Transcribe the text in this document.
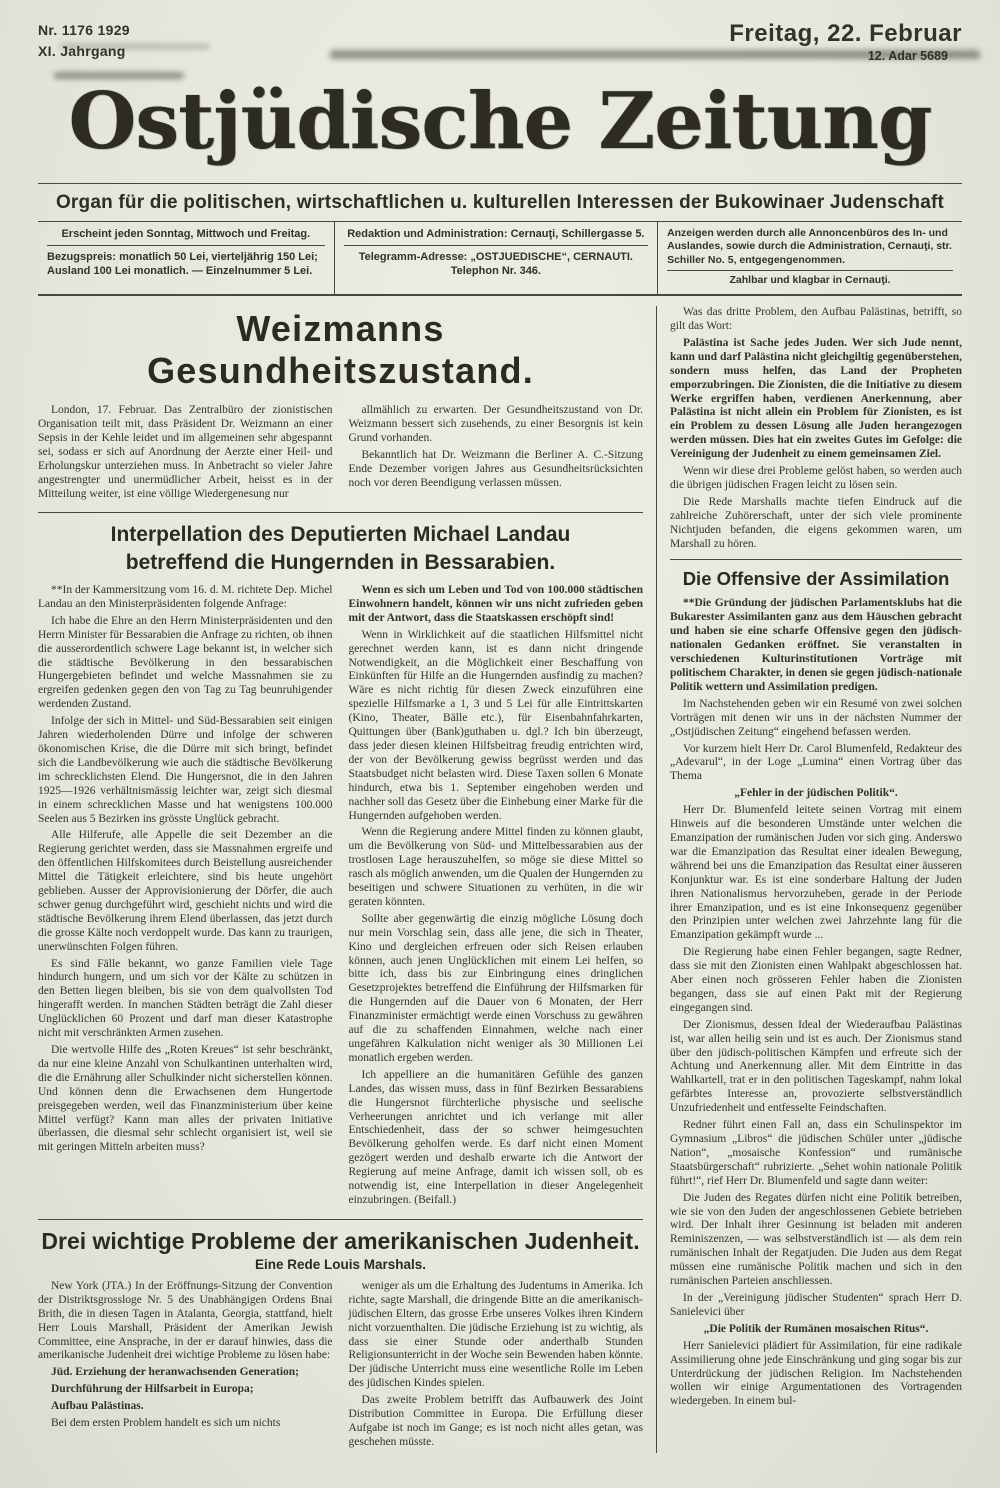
Nr. 1176 1929
XI. Jahrgang
Freitag, 22. Februar
12. Adar 5689
Ostjüdische Zeitung
Organ für die politischen, wirtschaftlichen u. kulturellen Interessen der Bukowinaer Judenschaft
Erscheint jeden Sonntag, Mittwoch und Freitag.
Bezugspreis: monatlich 50 Lei, vierteljährig 150 Lei; Ausland 100 Lei monatlich. — Einzelnummer 5 Lei.
Redaktion und Administration: Cernauţi, Schillergasse 5.
Telegramm-Adresse: „OSTJUEDISCHE“, CERNAUTI.
Telephon Nr. 346.
Anzeigen werden durch alle Annoncenbüros des In- und Auslandes, sowie durch die Administration, Cernauţi, str. Schiller No. 5, entgegengenommen.
Zahlbar und klagbar in Cernauţi.
Weizmanns Gesundheitszustand.

London, 17. Februar. Das Zentralbüro der zionistischen Organisation teilt mit, dass Präsident Dr. Weizmann an einer Sepsis in der Kehle leidet und im allgemeinen sehr abgespannt sei, sodass er sich auf Anordnung der Aerzte einer Heil- und Erholungskur unterziehen muss. In Anbetracht so vieler Jahre angestrengter und unermüdlicher Arbeit, heisst es in der Mitteilung weiter, ist eine völlige Wiedergenesung nur

allmählich zu erwarten. Der Gesundheitszustand von Dr. Weizmann bessert sich zusehends, zu einer Besorgnis ist kein Grund vorhanden.

Bekanntlich hat Dr. Weizmann die Berliner A. C.-Sitzung Ende Dezember vorigen Jahres aus Gesundheitsrücksichten noch vor deren Beendigung verlassen müssen.

Interpellation des Deputierten Michael Landau
betreffend die Hungernden in Bessarabien.

**In der Kammersitzung vom 16. d. M. richtete Dep. Michel Landau an den Ministerpräsidenten folgende Anfrage:

Ich habe die Ehre an den Herrn Ministerpräsidenten und den Herrn Minister für Bessarabien die Anfrage zu richten, ob ihnen die ausserordentlich schwere Lage bekannt ist, in welcher sich die städtische Bevölkerung in den bessarabischen Hungergebieten befindet und welche Massnahmen sie zu ergreifen gedenken gegen den von Tag zu Tag beunruhigender werdenden Zustand.

Infolge der sich in Mittel- und Süd-Bessarabien seit einigen Jahren wiederholenden Dürre und infolge der schweren ökonomischen Krise, die die Dürre mit sich bringt, befindet sich die Landbevölkerung wie auch die städtische Bevölkerung im schrecklichsten Elend. Die Hungersnot, die in den Jahren 1925—1926 verhältnismässig leichter war, zeigt sich diesmal in einem schrecklichen Masse und hat wenigstens 100.000 Seelen aus 5 Bezirken ins grösste Unglück gebracht.

Alle Hilferufe, alle Appelle die seit Dezember an die Regierung gerichtet werden, dass sie Massnahmen ergreife und den öffentlichen Hilfskomitees durch Beistellung ausreichender Mittel die Tätigkeit erleichtere, sind bis heute ungehört geblieben. Ausser der Approvisionierung der Dörfer, die auch schwer genug durchgeführt wird, geschieht nichts und wird die städtische Bevölkerung ihrem Elend überlassen, das jetzt durch die grosse Kälte noch verdoppelt wurde. Das kann zu traurigen, unerwünschten Folgen führen.

Es sind Fälle bekannt, wo ganze Familien viele Tage hindurch hungern, und um sich vor der Kälte zu schützen in den Betten liegen bleiben, bis sie von dem qualvollsten Tod hingerafft werden. In manchen Städten beträgt die Zahl dieser Unglücklichen 60 Prozent und darf man dieser Katastrophe nicht mit verschränkten Armen zusehen.

Die wertvolle Hilfe des „Roten Kreues“ ist sehr beschränkt, da nur eine kleine Anzahl von Schulkantinen unterhalten wird, die die Ernährung aller Schulkinder nicht sicherstellen können. Und können denn die Erwachsenen dem Hungertode preisgegeben werden, weil das Finanzministerium über keine Mittel verfügt? Kann man alles der privaten Initiative überlassen, die diesmal sehr schlecht organisiert ist, weil sie mit geringen Mitteln arbeiten muss?

Wenn es sich um Leben und Tod von 100.000 städtischen Einwohnern handelt, können wir uns nicht zufrieden geben mit der Antwort, dass die Staatskassen erschöpft sind!

Wenn in Wirklichkeit auf die staatlichen Hilfsmittel nicht gerechnet werden kann, ist es dann nicht dringende Notwendigkeit, an die Möglichkeit einer Beschaffung von Einkünften für Hilfe an die Hungernden ausfindig zu machen? Wäre es nicht richtig für diesen Zweck einzuführen eine spezielle Hilfsmarke a 1, 3 und 5 Lei für alle Eintrittskarten (Kino, Theater, Bälle etc.), für Eisenbahnfahrkarten, Quittungen über (Bank)guthaben u. dgl.? Ich bin überzeugt, dass jeder diesen kleinen Hilfsbeitrag freudig entrichten wird, der von der Bevölkerung gewiss begrüsst werden und das Staatsbudget nicht belasten wird. Diese Taxen sollen 6 Monate hindurch, etwa bis 1. September eingehoben werden und nachher soll das Gesetz über die Einhebung einer Marke für die Hungernden aufgehoben werden.

Wenn die Regierung andere Mittel finden zu können glaubt, um die Bevölkerung von Süd- und Mittelbessarabien aus der trostlosen Lage herauszuhelfen, so möge sie diese Mittel so rasch als möglich anwenden, um die Qualen der Hungernden zu beseitigen und schwere Situationen zu verhüten, in die wir geraten könnten.

Sollte aber gegenwärtig die einzig mögliche Lösung doch nur mein Vorschlag sein, dass alle jene, die sich in Theater, Kino und dergleichen erfreuen oder sich Reisen erlauben können, auch jenen Unglücklichen mit einem Lei helfen, so bitte ich, dass bis zur Einbringung eines dringlichen Gesetzprojektes betreffend die Einführung der Hilfsmarken für die Hungernden auf die Dauer von 6 Monaten, der Herr Finanzminister ermächtigt werde einen Vorschuss zu gewähren auf die zu schaffenden Einnahmen, welche nach einer ungefähren Kalkulation nicht weniger als 30 Millionen Lei monatlich ergeben werden.

Ich appelliere an die humanitären Gefühle des ganzen Landes, das wissen muss, dass in fünf Bezirken Bessarabiens die Hungersnot fürchterliche physische und seelische Verheerungen anrichtet und ich verlange mit aller Entschiedenheit, dass der so schwer heimgesuchten Bevölkerung geholfen werde. Es darf nicht einen Moment gezögert werden und deshalb erwarte ich die Antwort der Regierung auf meine Anfrage, damit ich wissen soll, ob es notwendig ist, eine Interpellation in dieser Angelegenheit einzubringen. (Beifall.)

Drei wichtige Probleme der amerikanischen Judenheit.
Eine Rede Louis Marshals.

New York (JTA.) In der Eröffnungs-Sitzung der Convention der Distriktsgrossloge Nr. 5 des Unabhängigen Ordens Bnai Brith, die in diesen Tagen in Atalanta, Georgia, stattfand, hielt Herr Louis Marshall, Präsident der Amerikan Jewish Committee, eine Ansprache, in der er darauf hinwies, dass die amerikanische Judenheit drei wichtige Probleme zu lösen habe:

Jüd. Erziehung der heranwachsenden Generation;

Durchführung der Hilfsarbeit in Europa;

Aufbau Palästinas.

Bei dem ersten Problem handelt es sich um nichts

weniger als um die Erhaltung des Judentums in Amerika. Ich richte, sagte Marshall, die dringende Bitte an die amerikanisch-jüdischen Eltern, das grosse Erbe unseres Volkes ihren Kindern nicht vorzuenthalten. Die jüdische Erziehung ist zu wichtig, als dass sie einer Stunde oder anderthalb Stunden Religionsunterricht in der Woche sein Bewenden haben könnte. Der jüdische Unterricht muss eine wesentliche Rolle im Leben des jüdischen Kindes spielen.

Das zweite Problem betrifft das Aufbauwerk des Joint Distribution Committee in Europa. Die Erfüllung dieser Aufgabe ist noch im Gange; es ist noch nicht alles getan, was geschehen müsste.

Was das dritte Problem, den Aufbau Palästinas, betrifft, so gilt das Wort:

Palästina ist Sache jedes Juden. Wer sich Jude nennt, kann und darf Palästina nicht gleichgiltig gegenüberstehen, sondern muss helfen, das Land der Propheten emporzubringen. Die Zionisten, die die Initiative zu diesem Werke ergriffen haben, verdienen Anerkennung, aber Palästina ist nicht allein ein Problem für Zionisten, es ist ein Problem zu dessen Lösung alle Juden herangezogen werden müssen. Dies hat ein zweites Gutes im Gefolge: die Vereinigung der Judenheit zu einem gemeinsamen Ziel.

Wenn wir diese drei Probleme gelöst haben, so werden auch die übrigen jüdischen Fragen leicht zu lösen sein.

Die Rede Marshalls machte tiefen Eindruck auf die zahlreiche Zuhörerschaft, unter der sich viele prominente Nichtjuden befanden, die eigens gekommen waren, um Marshall zu hören.

Die Offensive der Assimilation

**Die Gründung der jüdischen Parlamentsklubs hat die Bukarester Assimilanten ganz aus dem Häuschen gebracht und haben sie eine scharfe Offensive gegen den jüdisch-nationalen Gedanken eröffnet. Sie veranstalten in verschiedenen Kulturinstitutionen Vorträge mit politischem Charakter, in denen sie gegen jüdisch-nationale Politik wettern und Assimilation predigen.

Im Nachstehenden geben wir ein Resumé von zwei solchen Vorträgen mit denen wir uns in der nächsten Nummer der „Ostjüdischen Zeitung“ eingehend befassen werden.

Vor kurzem hielt Herr Dr. Carol Blumenfeld, Redakteur des „Adevarul“, in der Loge „Lumina“ einen Vortrag über das Thema

„Fehler in der jüdischen Politik“.

Herr Dr. Blumenfeld leitete seinen Vortrag mit einem Hinweis auf die besonderen Umstände unter welchen die Emanzipation der rumänischen Juden vor sich ging. Anderswo war die Emanzipation das Resultat einer idealen Bewegung, während bei uns die Emanzipation das Resultat einer äusseren Konjunktur war. Es ist eine sonderbare Haltung der Juden ihren Nationalismus hervorzuheben, gerade in der Periode ihrer Emanzipation, und es ist eine Inkonsequenz gegenüber den Prinzipien unter welchen zwei Jahrzehnte lang für die Emanzipation gekämpft wurde ...

Die Regierung habe einen Fehler begangen, sagte Redner, dass sie mit den Zionisten einen Wahlpakt abgeschlossen hat. Aber einen noch grösseren Fehler haben die Zionisten begangen, dass sie auf einen Pakt mit der Regierung eingegangen sind.

Der Zionismus, dessen Ideal der Wiederaufbau Palästinas ist, war allen heilig sein und ist es auch. Der Zionismus stand über den jüdisch-politischen Kämpfen und erfreute sich der Achtung und Anerkennung aller. Mit dem Eintritte in das Wahlkartell, trat er in den politischen Tageskampf, nahm lokal gefärbtes Interesse an, provozierte selbstverständlich Unzufriedenheit und entfesselte Feindschaften.

Redner führt einen Fall an, dass ein Schulinspektor im Gymnasium „Libros“ die jüdischen Schüler unter „jüdische Nation“, „mosaische Konfession“ und rumänische Staatsbürgerschaft“ rubrizierte. „Sehet wohin nationale Politik führt!“, rief Herr Dr. Blumenfeld und sagte dann weiter:

Die Juden des Regates dürfen nicht eine Politik betreiben, wie sie von den Juden der angeschlossenen Gebiete betrieben wird. Der Inhalt ihrer Gesinnung ist beladen mit anderen Reminiszenzen, — was selbstverständlich ist — als dem rein rumänischen Inhalt der Regatjuden. Die Juden aus dem Regat müssen eine rumänische Politik machen und sich in den rumänischen Parteien anschliessen.

In der „Vereinigung jüdischer Studenten“ sprach Herr D. Sanielevici über

„Die Politik der Rumänen mosaischen Ritus“.

Herr Sanielevici plädiert für Assimilation, für eine radikale Assimilierung ohne jede Einschränkung und ging sogar bis zur Unterdrückung der jüdischen Religion. Im Nachstehenden wollen wir einige Argumentationen des Vortragenden wiedergeben. In einem bul-
